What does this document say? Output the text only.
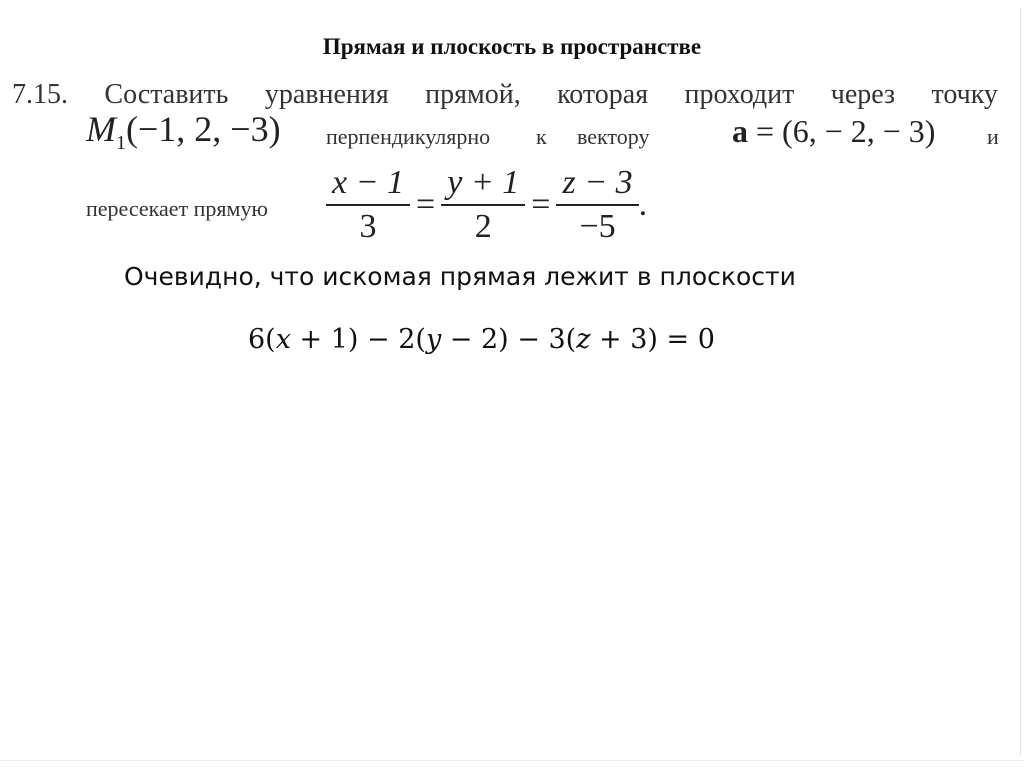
Прямая и плоскость в пространстве
7.15. Составить уравнения прямой, которая проходит через точку
$M_1(-1$, 2, −3) перпендикулярно к вектору	a = (6, − 2, − 3) и
пересекает прямую $\frac{x - 1}{3} = \frac{y + 1}{2} = \frac{z - 3}{-5}$ .
Очевидно, что искомая прямая лежит в плоскости
6(𝑥 + 1) − 2(𝑦 − 2) − 3(𝑧 + 3) = 0
